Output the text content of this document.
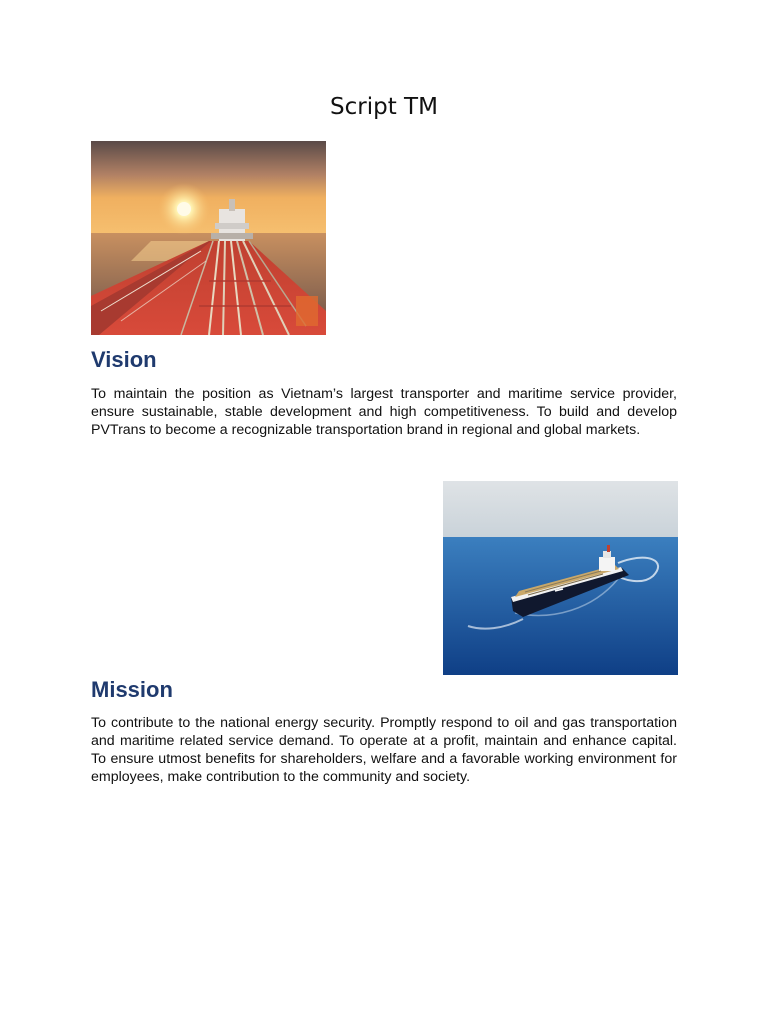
Script TM
Vision

To maintain the position as Vietnam’s largest transporter and maritime service provider, ensure sustainable, stable development and high competitiveness. To build and develop PVTrans to become a recognizable transportation brand in regional and global markets.

Mission

To contribute to the national energy security. Promptly respond to oil and gas transportation and maritime related service demand. To operate at a profit, maintain and enhance capital. To ensure utmost benefits for shareholders, welfare and a favorable working environment for employees, make contribution to the community and society.
